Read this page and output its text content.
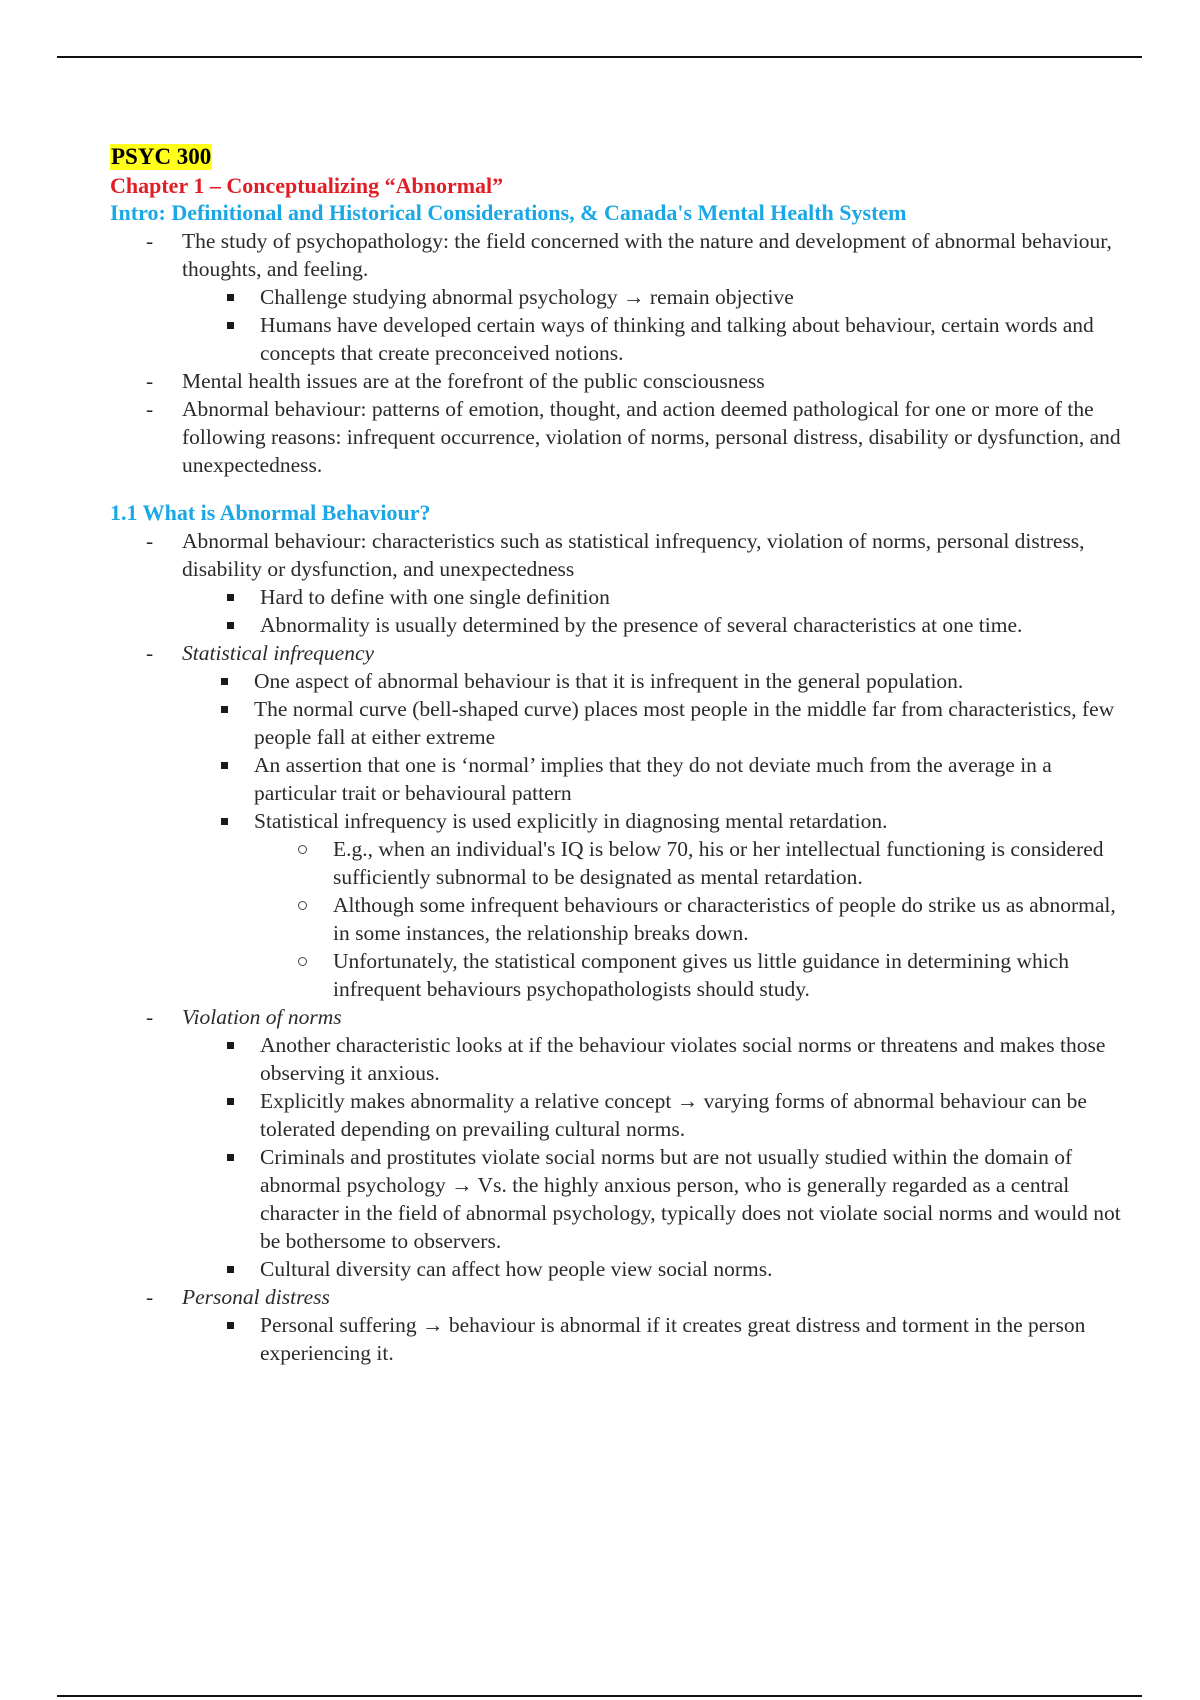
PSYC 300
Chapter 1 – Conceptualizing “Abnormal”
Intro: Definitional and Historical Considerations, & Canada's Mental Health System
- The study of psychopathology: the field concerned with the nature and development of abnormal behaviour, thoughts, and feeling.
Challenge studying abnormal psychology → remain objective
Humans have developed certain ways of thinking and talking about behaviour, certain words and concepts that create preconceived notions.
- Mental health issues are at the forefront of the public consciousness
- Abnormal behaviour: patterns of emotion, thought, and action deemed pathological for one or more of the following reasons: infrequent occurrence, violation of norms, personal distress, disability or dysfunction, and unexpectedness.
1.1 What is Abnormal Behaviour?
- Abnormal behaviour: characteristics such as statistical infrequency, violation of norms, personal distress, disability or dysfunction, and unexpectedness
Hard to define with one single definition
Abnormality is usually determined by the presence of several characteristics at one time.
- Statistical infrequency
One aspect of abnormal behaviour is that it is infrequent in the general population.
The normal curve (bell-shaped curve) places most people in the middle far from characteristics, few people fall at either extreme
An assertion that one is ‘normal’ implies that they do not deviate much from the average in a particular trait or behavioural pattern
Statistical infrequency is used explicitly in diagnosing mental retardation.
E.g., when an individual's IQ is below 70, his or her intellectual functioning is considered sufficiently subnormal to be designated as mental retardation.
Although some infrequent behaviours or characteristics of people do strike us as abnormal, in some instances, the relationship breaks down.
Unfortunately, the statistical component gives us little guidance in determining which infrequent behaviours psychopathologists should study.
- Violation of norms
Another characteristic looks at if the behaviour violates social norms or threatens and makes those observing it anxious.
Explicitly makes abnormality a relative concept → varying forms of abnormal behaviour can be tolerated depending on prevailing cultural norms.
Criminals and prostitutes violate social norms but are not usually studied within the domain of abnormal psychology → Vs. the highly anxious person, who is generally regarded as a central character in the field of abnormal psychology, typically does not violate social norms and would not be bothersome to observers.
Cultural diversity can affect how people view social norms.
- Personal distress
Personal suffering → behaviour is abnormal if it creates great distress and torment in the person experiencing it.
